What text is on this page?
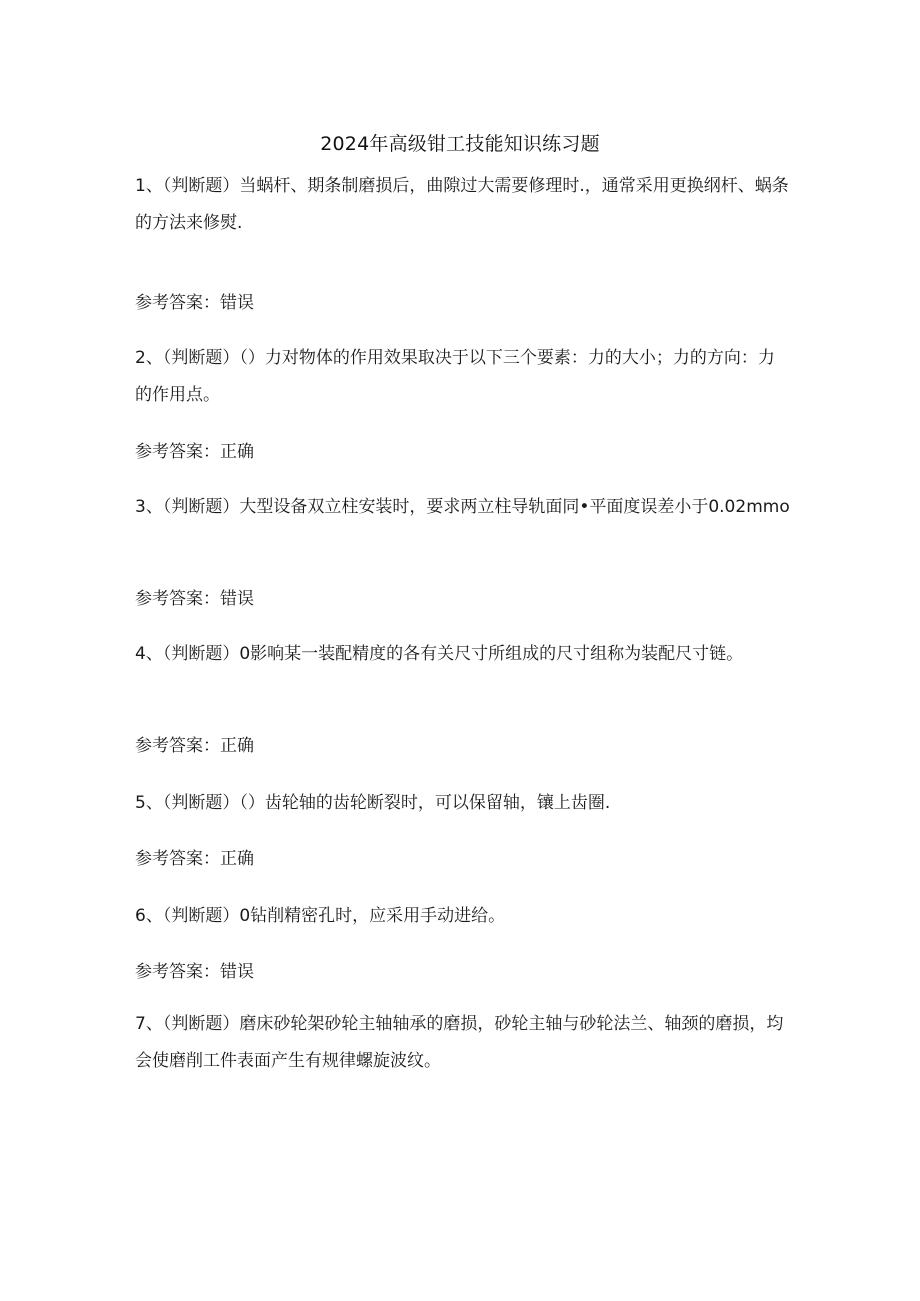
2024年高级钳工技能知识练习题
1、（判断题）当蜗杆、期条制磨损后，曲隙过大需要修理时.，通常采用更换纲杆、蜗条的方法来修熨.
参考答案：错误
2、（判断题）（）力对物体的作用效果取决于以下三个要素：力的大小；力的方向：力的作用点。
参考答案：正确
3、（判断题）大型设备双立柱安装时，要求两立柱导轨面同•平面度误差小于0.02mmo
参考答案：错误
4、（判断题）0影响某一装配精度的各有关尺寸所组成的尺寸组称为装配尺寸链。
参考答案：正确
5、（判断题）（）齿轮轴的齿轮断裂时，可以保留轴，镶上齿圈.
参考答案：正确
6、（判断题）0钻削精密孔时，应采用手动进给。
参考答案：错误
7、（判断题）磨床砂轮架砂轮主轴轴承的磨损，砂轮主轴与砂轮法兰、轴颈的磨损，均会使磨削工件表面产生有规律螺旋波纹。
